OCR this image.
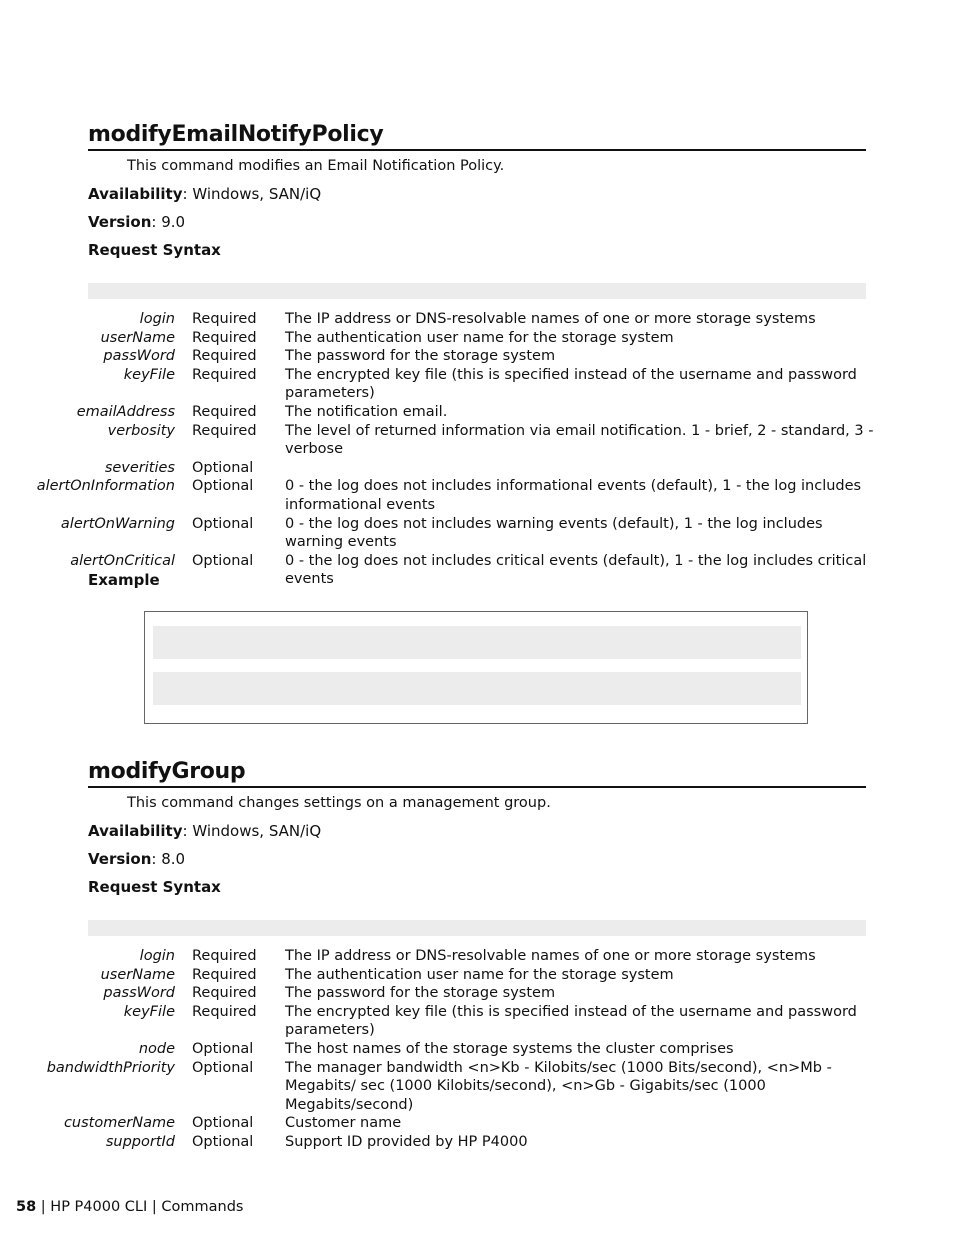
modifyEmailNotifyPolicy
This command modifies an Email Notification Policy.
Availability: Windows, SAN/iQ
Version: 9.0
Request Syntax
login	Required	The IP address or DNS-resolvable names of one or more storage systems
userName	Required	The authentication user name for the storage system
passWord	Required	The password for the storage system
keyFile	Required	The encrypted key file (this is specified instead of the username and password parameters)
emailAddress	Required	The notification email.
verbosity	Required	The level of returned information via email notification. 1 - brief, 2 - standard, 3 - verbose
severities	Optional
alertOnInformation	Optional	0 - the log does not includes informational events (default), 1 - the log includes informational events
alertOnWarning	Optional	0 - the log does not includes warning events (default), 1 - the log includes warning events
alertOnCritical	Optional	0 - the log does not includes critical events (default), 1 - the log includes critical events
Example
modifyGroup
This command changes settings on a management group.
Availability: Windows, SAN/iQ
Version: 8.0
Request Syntax
login	Required	The IP address or DNS-resolvable names of one or more storage systems
userName	Required	The authentication user name for the storage system
passWord	Required	The password for the storage system
keyFile	Required	The encrypted key file (this is specified instead of the username and password parameters)
node	Optional	The host names of the storage systems the cluster comprises
bandwidthPriority	Optional	The manager bandwidth <n>Kb - Kilobits/sec (1000 Bits/second), <n>Mb - Megabits/ sec (1000 Kilobits/second), <n>Gb - Gigabits/sec (1000 Megabits/second)
customerName	Optional	Customer name
supportId	Optional	Support ID provided by HP P4000
58 | HP P4000 CLI | Commands
